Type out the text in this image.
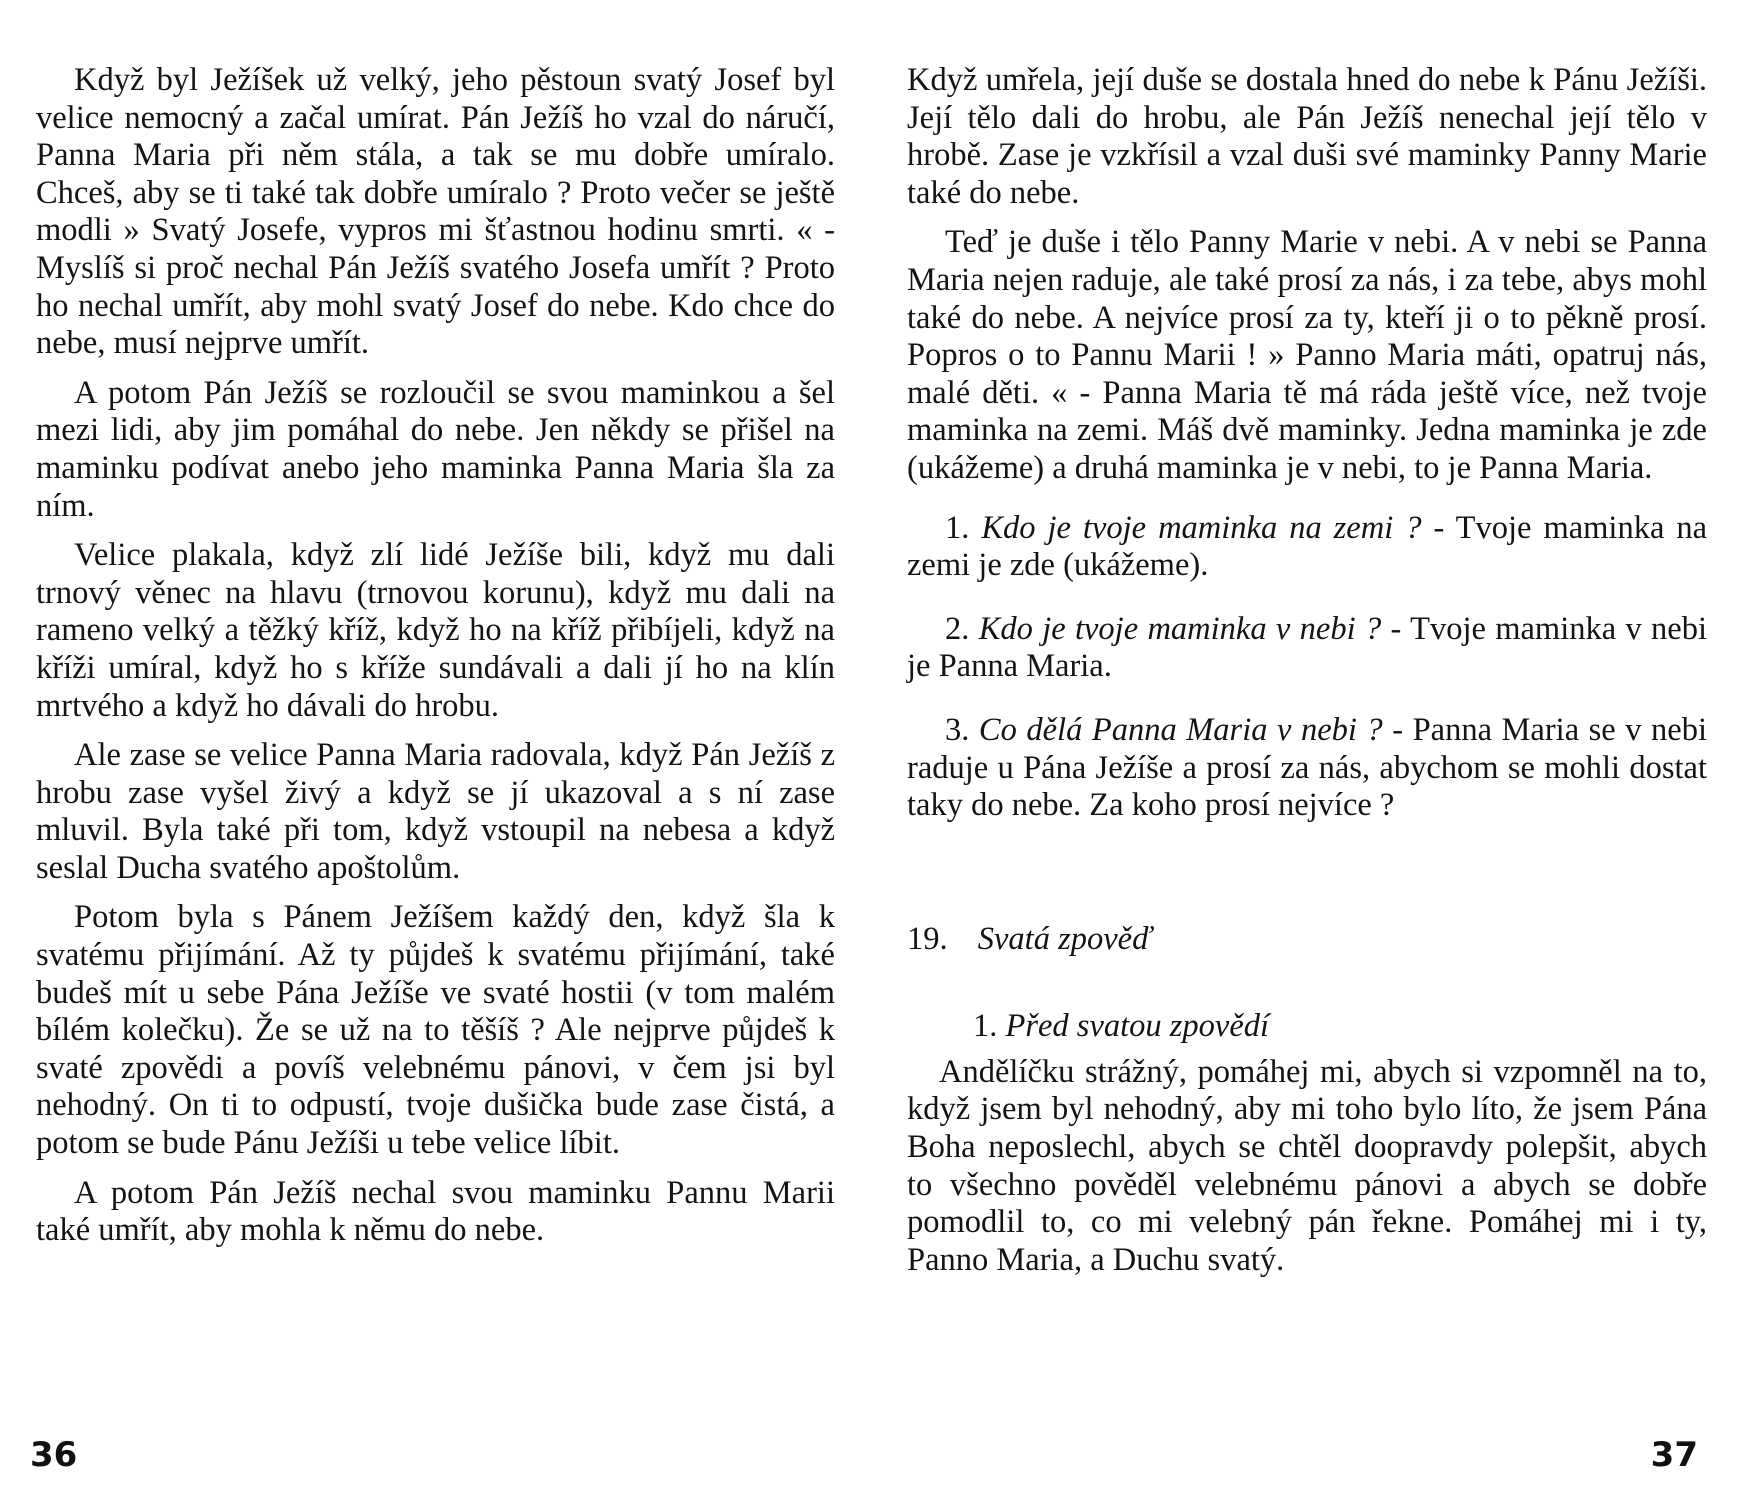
Když byl Ježíšek už velký, jeho pěstoun svatý Josef byl velice nemocný a začal umírat. Pán Ježíš ho vzal do náručí, Panna Maria při něm stála, a tak se mu dobře umíralo. Chceš, aby se ti také tak dobře umíralo ? Proto večer se ještě modli » Svatý Josefe, vypros mi šťastnou hodinu smrti. « - Myslíš si proč nechal Pán Ježíš svatého Josefa umřít ? Proto ho nechal umřít, aby mohl svatý Josef do nebe. Kdo chce do nebe, musí nejprve umřít.

A potom Pán Ježíš se rozloučil se svou maminkou a šel mezi lidi, aby jim pomáhal do nebe. Jen někdy se přišel na maminku podívat anebo jeho maminka Panna Maria šla za ním.

Velice plakala, když zlí lidé Ježíše bili, když mu dali trnový věnec na hlavu (trnovou korunu), když mu dali na rameno velký a těžký kříž, když ho na kříž přibíjeli, když na kříži umíral, když ho s kříže sundávali a dali jí ho na klín mrtvého a když ho dávali do hrobu.

Ale zase se velice Panna Maria radovala, když Pán Ježíš z hrobu zase vyšel živý a když se jí ukazoval a s ní zase mluvil. Byla také při tom, když vstoupil na nebesa a když seslal Ducha svatého apoštolům.

Potom byla s Pánem Ježíšem každý den, když šla k svatému přijímání. Až ty půjdeš k svatému přijímání, také budeš mít u sebe Pána Ježíše ve svaté hostii (v tom malém bílém kolečku). Že se už na to těšíš ? Ale nejprve půjdeš k svaté zpovědi a povíš velebnému pánovi, v čem jsi byl nehodný. On ti to odpustí, tvoje dušička bude zase čistá, a potom se bude Pánu Ježíši u tebe velice líbit.

A potom Pán Ježíš nechal svou maminku Pannu Marii také umřít, aby mohla k němu do nebe.

36

Když umřela, její duše se dostala hned do nebe k Pánu Ježíši. Její tělo dali do hrobu, ale Pán Ježíš nenechal její tělo v hrobě. Zase je vzkřísil a vzal duši své maminky Panny Marie také do nebe.

Teď je duše i tělo Panny Marie v nebi. A v nebi se Panna Maria nejen raduje, ale také prosí za nás, i za tebe, abys mohl také do nebe. A nejvíce prosí za ty, kteří ji o to pěkně prosí. Popros o to Pannu Marii ! » Panno Maria máti, opatruj nás, malé děti. « - Panna Maria tě má ráda ještě více, než tvoje maminka na zemi. Máš dvě maminky. Jedna maminka je zde (ukážeme) a druhá maminka je v nebi, to je Panna Maria.

1. Kdo je tvoje maminka na zemi ? - Tvoje maminka na zemi je zde (ukážeme).
2. Kdo je tvoje maminka v nebi ? - Tvoje maminka v nebi je Panna Maria.
3. Co dělá Panna Maria v nebi ? - Panna Maria se v nebi raduje u Pána Ježíše a prosí za nás, abychom se mohli dostat taky do nebe. Za koho prosí nejvíce ?
19. Svatá zpověď
1. Před svatou zpovědí

Andělíčku strážný, pomáhej mi, abych si vzpomněl na to, když jsem byl nehodný, aby mi toho bylo líto, že jsem Pána Boha neposlechl, abych se chtěl doopravdy polepšit, abych to všechno pověděl velebnému pánovi a abych se dobře pomodlil to, co mi velebný pán řekne. Pomáhej mi i ty, Panno Maria, a Duchu svatý.

37
